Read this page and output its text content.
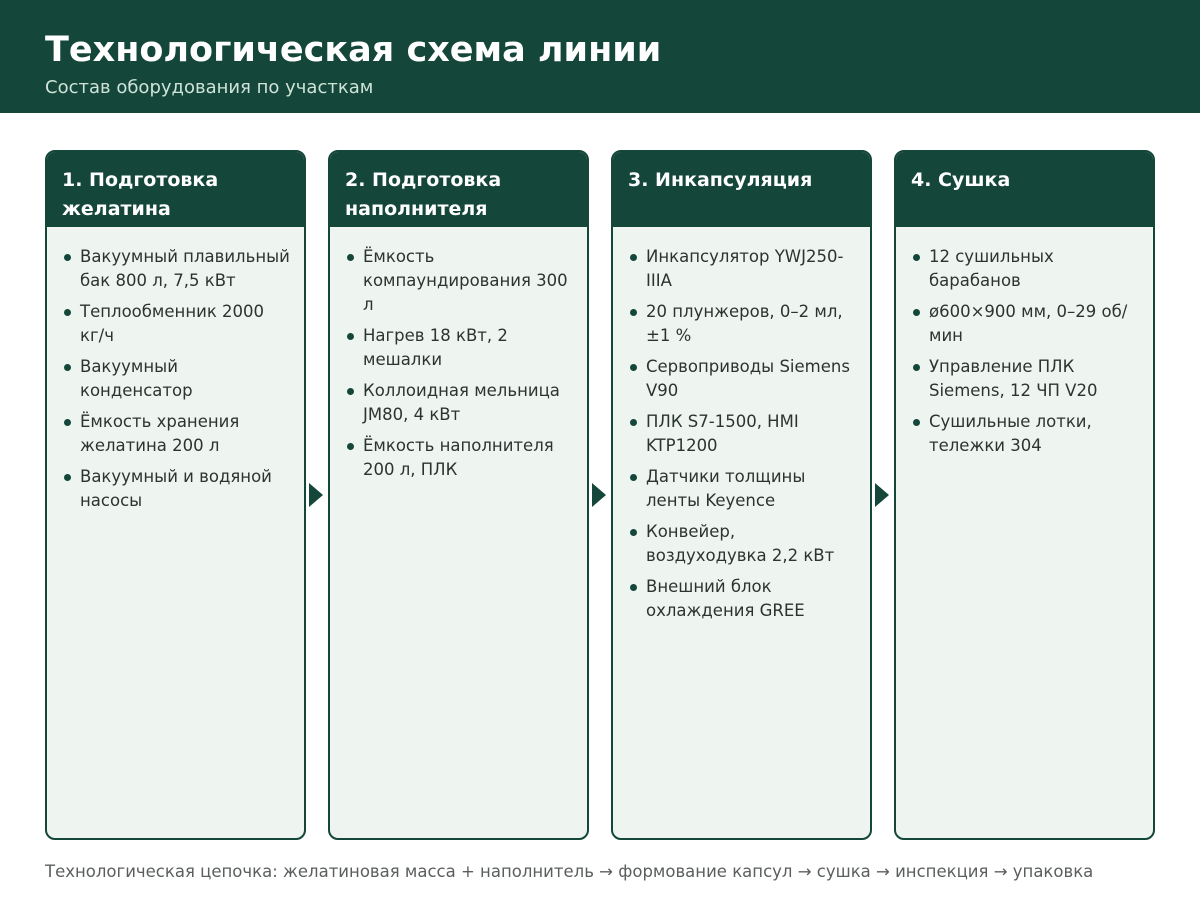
Технологическая схема линии
Состав оборудования по участкам
1. Подготовка желатина
Вакуумный плавильный бак 800 л, 7,5 кВт
Теплообменник 2000 кг/ч
Вакуумный конденсатор
Ёмкость хранения желатина 200 л
Вакуумный и водяной насосы
2. Подготовка наполнителя
Ёмкость компаундирования 300 л
Нагрев 18 кВт, 2 мешалки
Коллоидная мельница JM80, 4 кВт
Ёмкость наполнителя 200 л, ПЛК
3. Инкапсуляция
Инкапсулятор YWJ250-IIIA
20 плунжеров, 0–2 мл, ±1 %
Сервоприводы Siemens V90
ПЛК S7-1500, HMI KTP1200
Датчики толщины ленты Keyence
Конвейер, воздуходувка 2,2 кВт
Внешний блок охлаждения GREE
4. Сушка
12 сушильных барабанов
ø600×900 мм, 0–29 об/мин
Управление ПЛК Siemens, 12 ЧП V20
Сушильные лотки, тележки 304
Технологическая цепочка: желатиновая масса + наполнитель → формование капсул → сушка → инспекция → упаковка
